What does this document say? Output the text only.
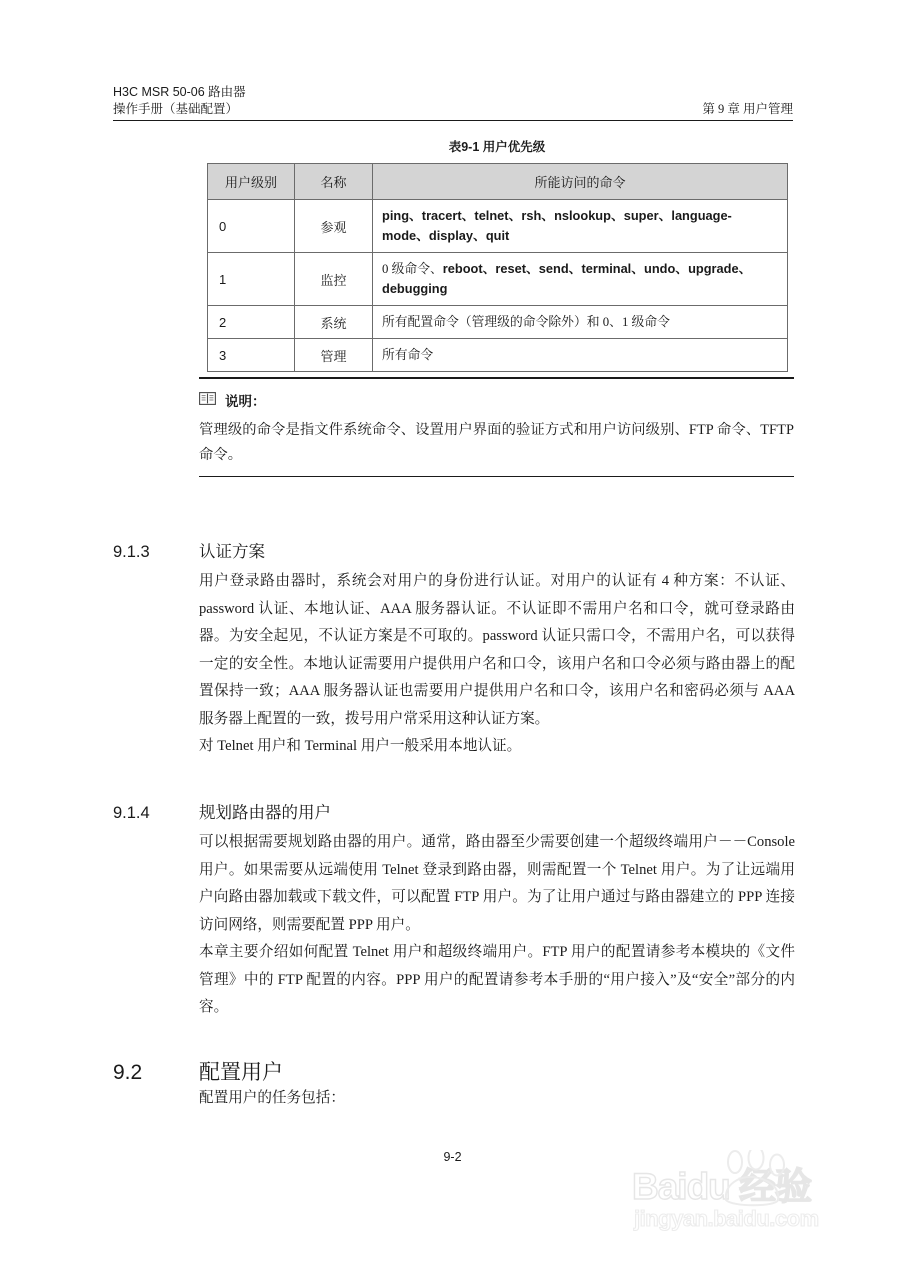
H3C MSR 50-06 路由器
操作手册（基础配置）	第 9 章 用户管理
表9-1 用户优先级
用户级别	名称	所能访问的命令
0	参观	ping、tracert、telnet、rsh、nslookup、super、language-mode、display、quit
1	监控	0 级命令、reboot、reset、send、terminal、undo、upgrade、debugging
2	系统	所有配置命令（管理级的命令除外）和 0、1 级命令
3	管理	所有命令
说明：
管理级的命令是指文件系统命令、设置用户界面的验证方式和用户访问级别、FTP 命令、TFTP 命令。
9.1.3	认证方案
用户登录路由器时，系统会对用户的身份进行认证。对用户的认证有 4 种方案：不认证、password 认证、本地认证、AAA 服务器认证。不认证即不需用户名和口令，就可登录路由器。为安全起见，不认证方案是不可取的。password 认证只需口令，不需用户名，可以获得一定的安全性。本地认证需要用户提供用户名和口令，该用户名和口令必须与路由器上的配置保持一致；AAA 服务器认证也需要用户提供用户名和口令，该用户名和密码必须与 AAA 服务器上配置的一致，拨号用户常采用这种认证方案。
对 Telnet 用户和 Terminal 用户一般采用本地认证。
9.1.4	规划路由器的用户
可以根据需要规划路由器的用户。通常，路由器至少需要创建一个超级终端用户－－Console 用户。如果需要从远端使用 Telnet 登录到路由器，则需配置一个 Telnet 用户。为了让远端用户向路由器加载或下载文件，可以配置 FTP 用户。为了让用户通过与路由器建立的 PPP 连接访问网络，则需要配置 PPP 用户。
本章主要介绍如何配置 Telnet 用户和超级终端用户。FTP 用户的配置请参考本模块的《文件管理》中的 FTP 配置的内容。PPP 用户的配置请参考本手册的“用户接入”及“安全”部分的内容。
9.2	配置用户
配置用户的任务包括：
9-2
Baidu 经验
jingyan.baidu.com
